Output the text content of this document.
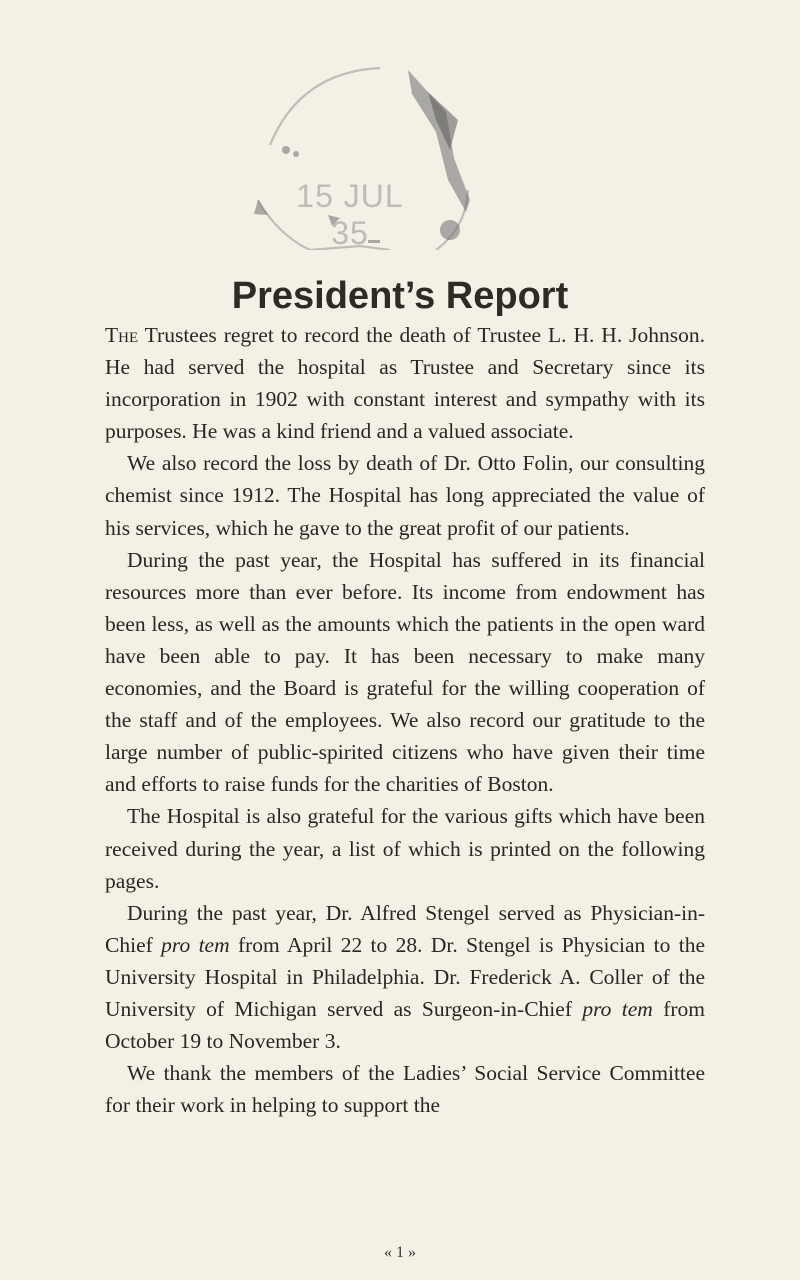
15 JUL 35
President’s Report

The Trustees regret to record the death of Trustee L. H. H. Johnson. He had served the hospital as Trustee and Secretary since its incorporation in 1902 with constant interest and sympathy with its purposes. He was a kind friend and a valued associate.

We also record the loss by death of Dr. Otto Folin, our consulting chemist since 1912. The Hospital has long appreciated the value of his services, which he gave to the great profit of our patients.

During the past year, the Hospital has suffered in its financial resources more than ever before. Its income from endowment has been less, as well as the amounts which the patients in the open ward have been able to pay. It has been necessary to make many economies, and the Board is grateful for the willing cooperation of the staff and of the employees. We also record our gratitude to the large number of public-spirited citizens who have given their time and efforts to raise funds for the charities of Boston.

The Hospital is also grateful for the various gifts which have been received during the year, a list of which is printed on the following pages.

During the past year, Dr. Alfred Stengel served as Physician-in-Chief pro tem from April 22 to 28. Dr. Stengel is Physician to the University Hospital in Philadelphia. Dr. Frederick A. Coller of the University of Michigan served as Surgeon-in-Chief pro tem from October 19 to November 3.

We thank the members of the Ladies’ Social Service Committee for their work in helping to support the

« 1 »
